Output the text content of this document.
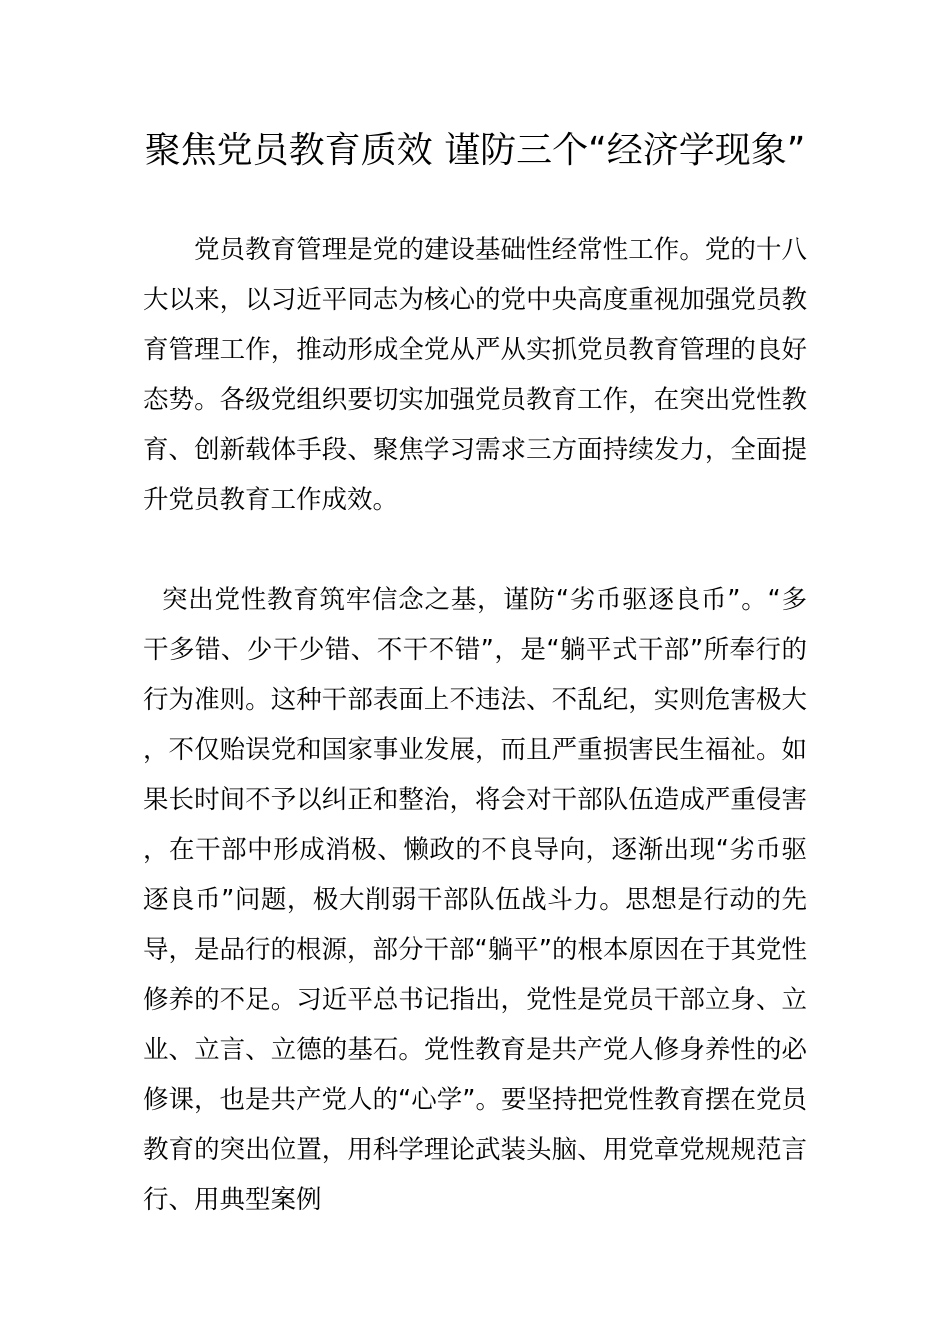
聚焦党员教育质效 谨防三个“经济学现象”

党员教育管理是党的建设基础性经常性工作。党的十八大以来，以习近平同志为核心的党中央高度重视加强党员教育管理工作，推动形成全党从严从实抓党员教育管理的良好态势。各级党组织要切实加强党员教育工作，在突出党性教育、创新载体手段、聚焦学习需求三方面持续发力，全面提升党员教育工作成效。

突出党性教育筑牢信念之基，谨防“劣币驱逐良币”。“多干多错、少干少错、不干不错”，是“躺平式干部”所奉行的行为准则。这种干部表面上不违法、不乱纪，实则危害极大，不仅贻误党和国家事业发展，而且严重损害民生福祉。如果长时间不予以纠正和整治，将会对干部队伍造成严重侵害，在干部中形成消极、懒政的不良导向，逐渐出现“劣币驱逐良币”问题，极大削弱干部队伍战斗力。思想是行动的先导，是品行的根源，部分干部“躺平”的根本原因在于其党性修养的不足。习近平总书记指出，党性是党员干部立身、立业、立言、立德的基石。党性教育是共产党人修身养性的必修课，也是共产党人的“心学”。要坚持把党性教育摆在党员教育的突出位置，用科学理论武装头脑、用党章党规规范言行、用典型案例
